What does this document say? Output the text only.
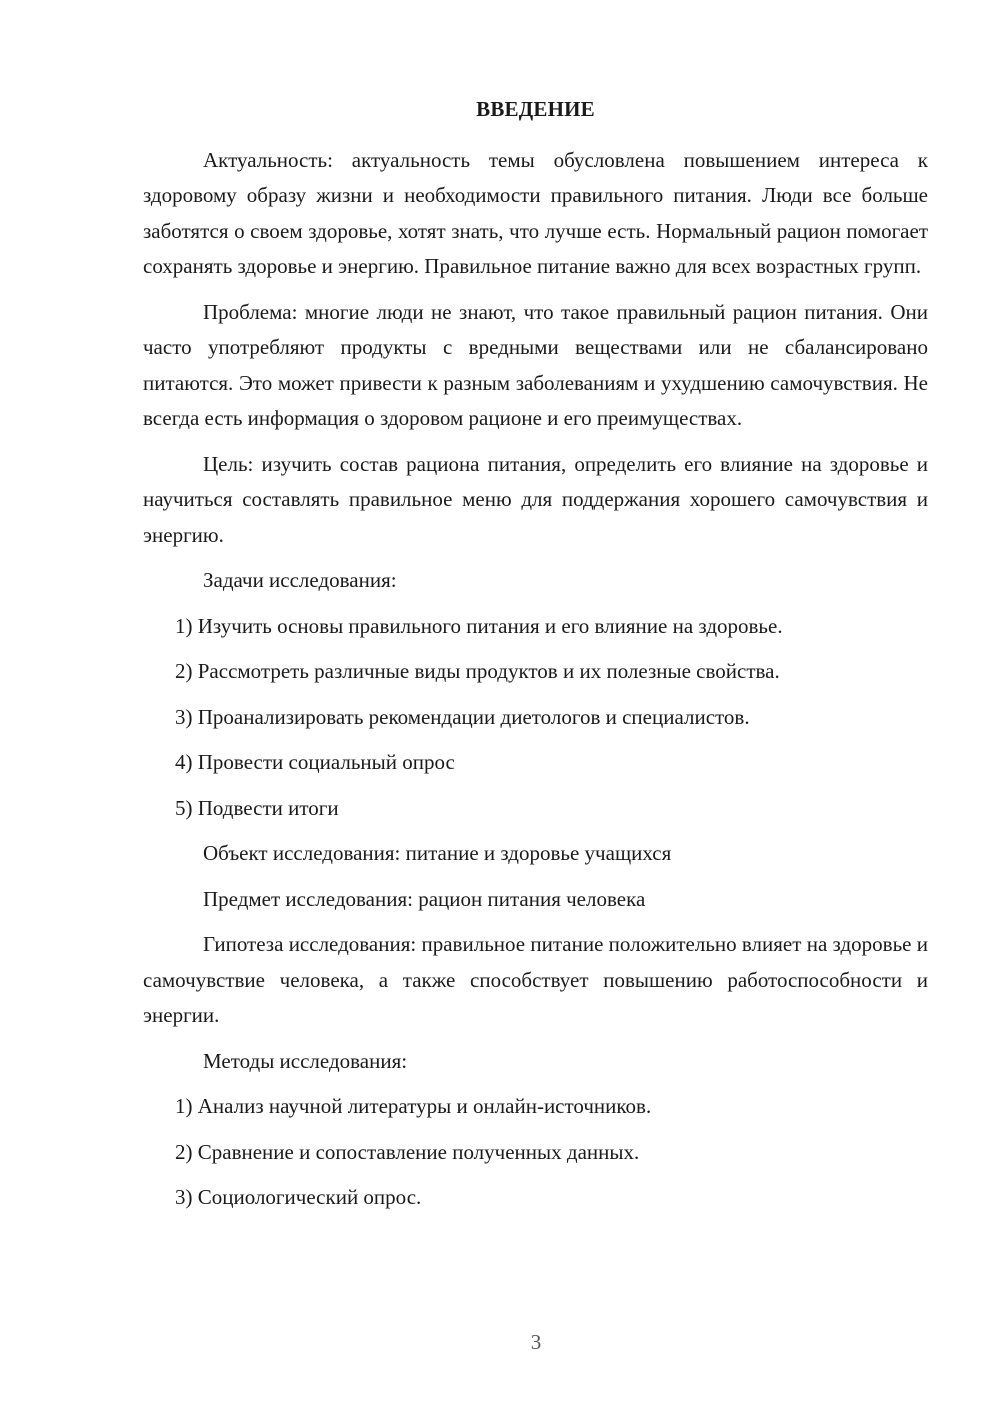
ВВЕДЕНИЕ

Актуальность: актуальность темы обусловлена повышением интереса к здоровому образу жизни и необходимости правильного питания. Люди все больше заботятся о своем здоровье, хотят знать, что лучше есть. Нормальный рацион помогает сохранять здоровье и энергию. Правильное питание важно для всех возрастных групп.

Проблема: многие люди не знают, что такое правильный рацион питания. Они часто употребляют продукты с вредными веществами или не сбалансировано питаются. Это может привести к разным заболеваниям и ухудшению самочувствия. Не всегда есть информация о здоровом рационе и его преимуществах.

Цель: изучить состав рациона питания, определить его влияние на здоровье и научиться составлять правильное меню для поддержания хорошего самочувствия и энергию.

Задачи исследования:
1) Изучить основы правильного питания и его влияние на здоровье.
2) Рассмотреть различные виды продуктов и их полезные свойства.
3) Проанализировать рекомендации диетологов и специалистов.
4) Провести социальный опрос
5) Подвести итоги
Объект исследования: питание и здоровье учащихся
Предмет исследования: рацион питания человека

Гипотеза исследования: правильное питание положительно влияет на здоровье и самочувствие человека, а также способствует повышению работоспособности и энергии.

Методы исследования:
1) Анализ научной литературы и онлайн-источников.
2) Сравнение и сопоставление полученных данных.
3) Социологический опрос.
3
